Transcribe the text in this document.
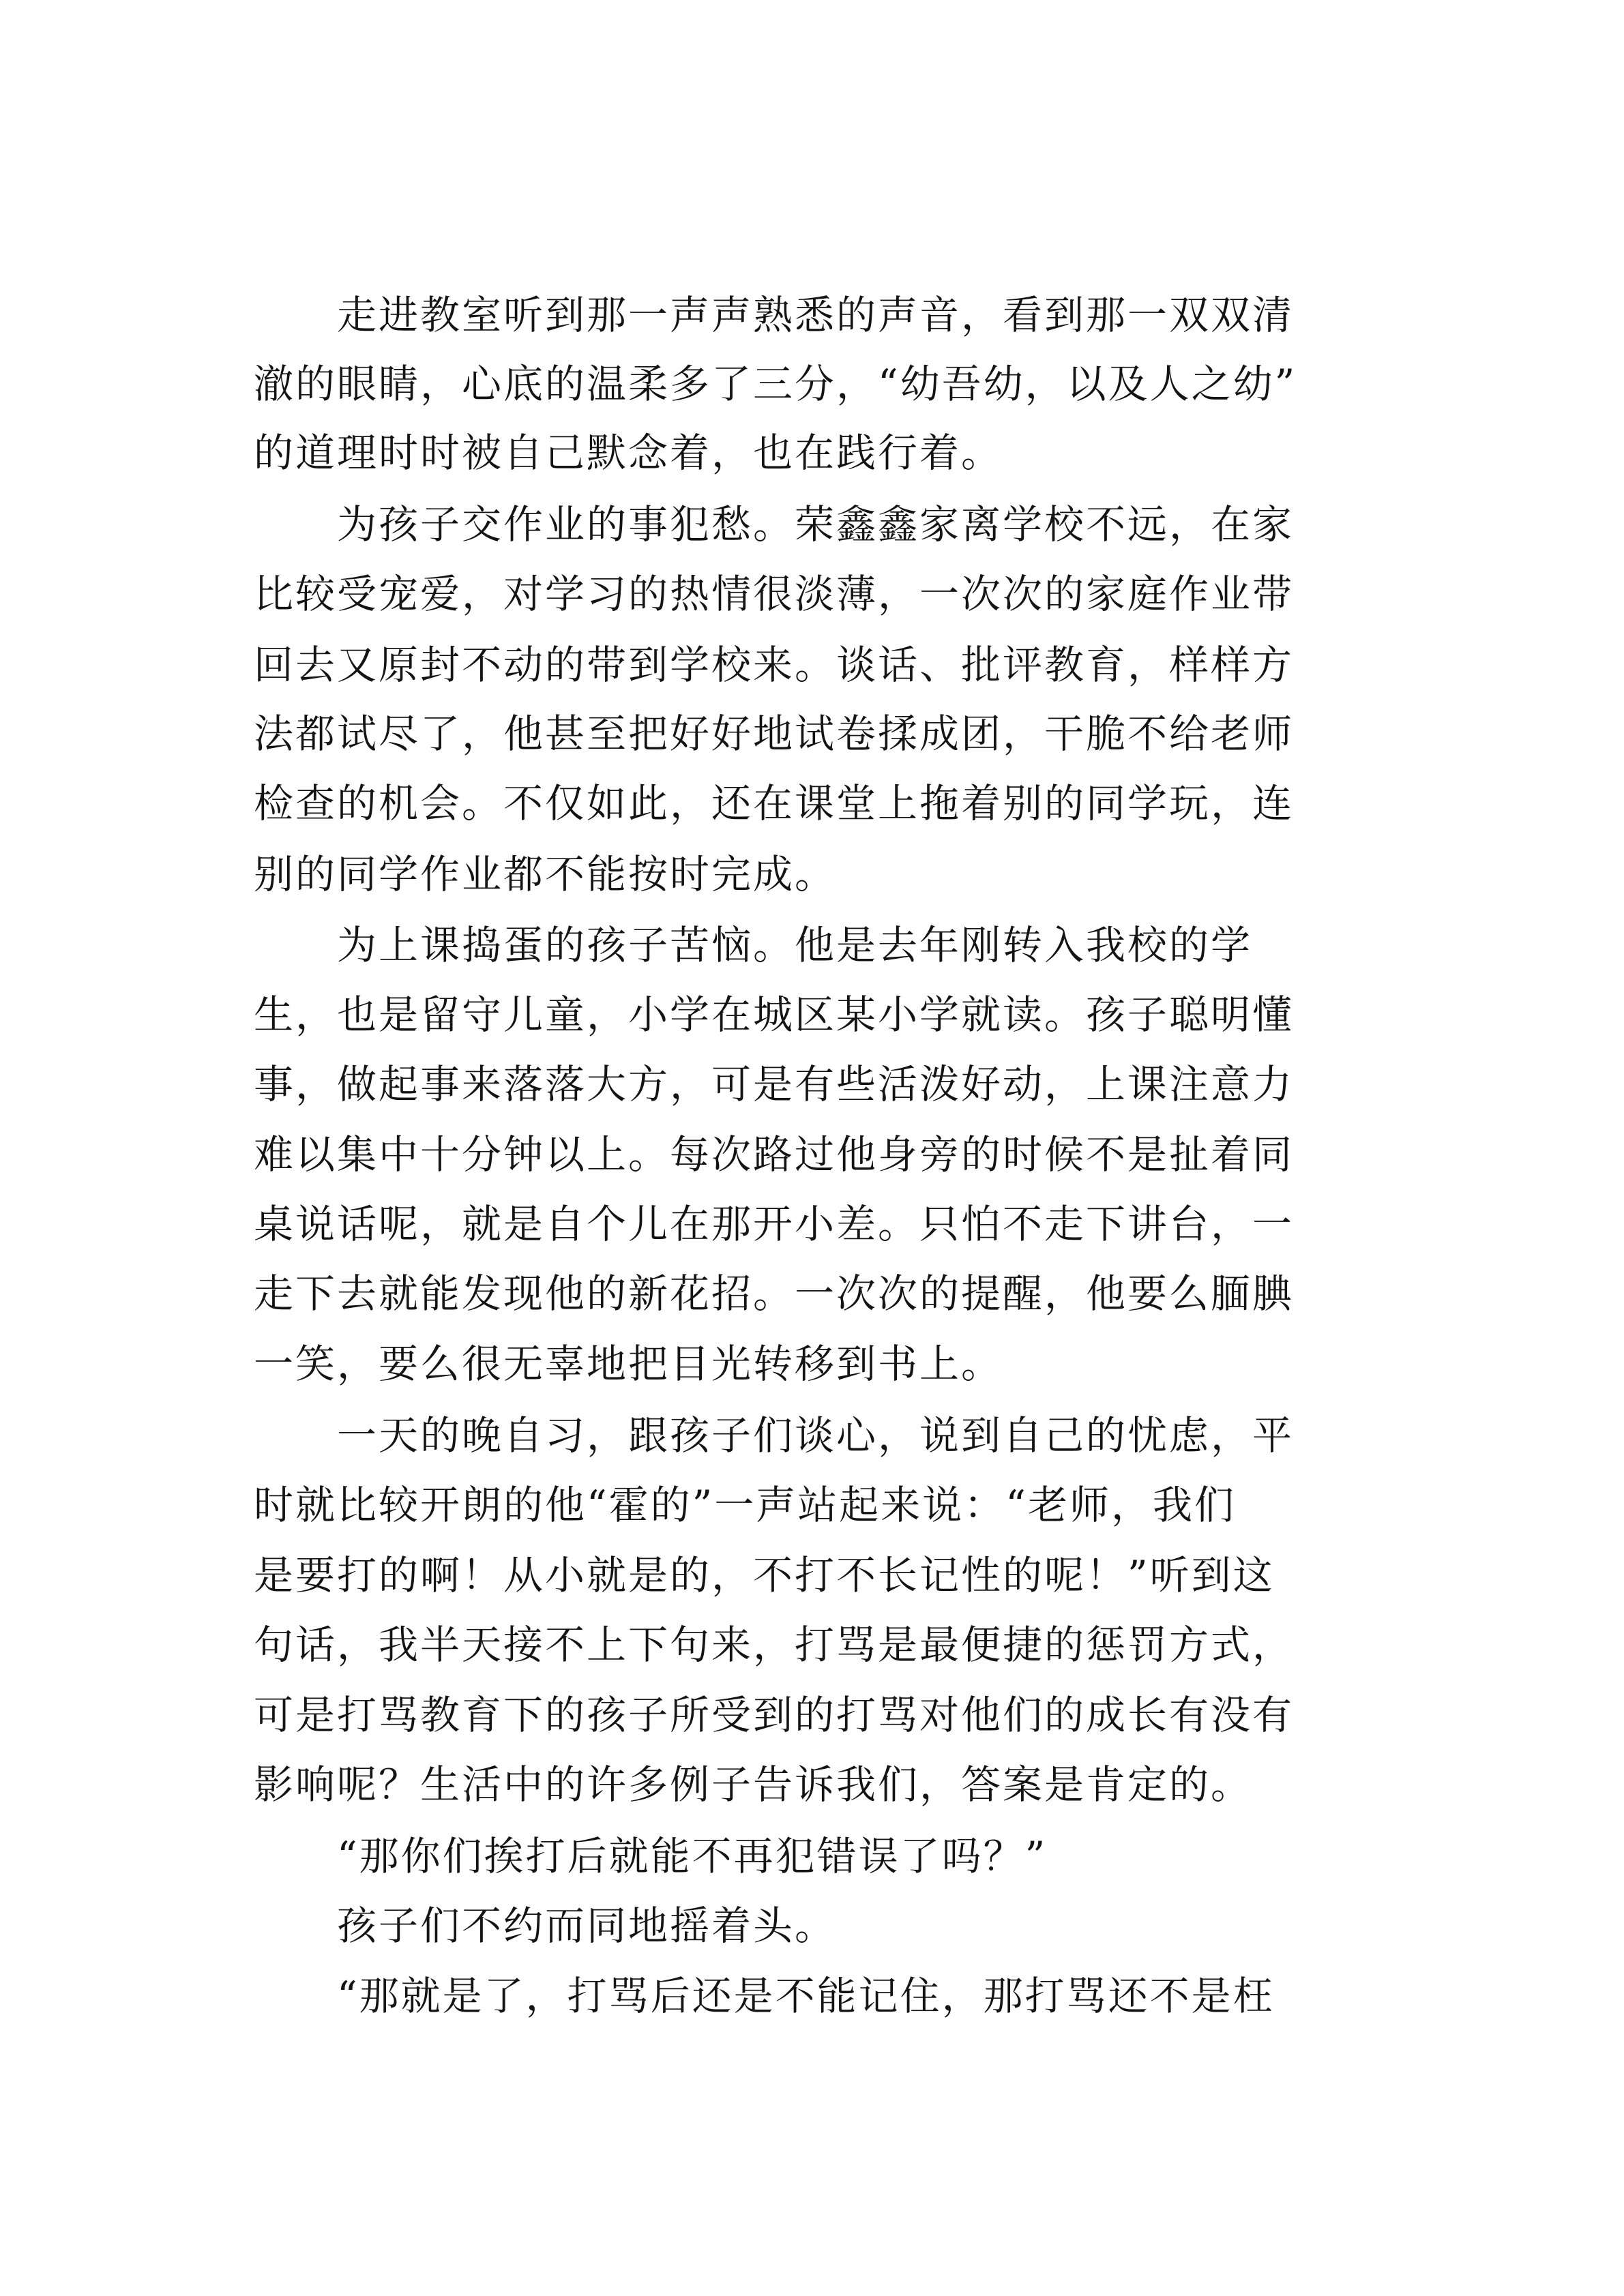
　　走进教室听到那一声声熟悉的声音，看到那一双双清
澈的眼睛，心底的温柔多了三分，“幼吾幼，以及人之幼”
的道理时时被自己默念着，也在践行着。
　　为孩子交作业的事犯愁。荣鑫鑫家离学校不远，在家
比较受宠爱，对学习的热情很淡薄，一次次的家庭作业带
回去又原封不动的带到学校来。谈话、批评教育，样样方
法都试尽了，他甚至把好好地试卷揉成团，干脆不给老师
检查的机会。不仅如此，还在课堂上拖着别的同学玩，连
别的同学作业都不能按时完成。
　　为上课捣蛋的孩子苦恼。他是去年刚转入我校的学
生，也是留守儿童，小学在城区某小学就读。孩子聪明懂
事，做起事来落落大方，可是有些活泼好动，上课注意力
难以集中十分钟以上。每次路过他身旁的时候不是扯着同
桌说话呢，就是自个儿在那开小差。只怕不走下讲台，一
走下去就能发现他的新花招。一次次的提醒，他要么腼腆
一笑，要么很无辜地把目光转移到书上。
　　一天的晚自习，跟孩子们谈心，说到自己的忧虑，平
时就比较开朗的他“霍的”一声站起来说：“老师，我们
是要打的啊！从小就是的，不打不长记性的呢！”听到这
句话，我半天接不上下句来，打骂是最便捷的惩罚方式，
可是打骂教育下的孩子所受到的打骂对他们的成长有没有
影响呢？生活中的许多例子告诉我们，答案是肯定的。
　　“那你们挨打后就能不再犯错误了吗？”
　　孩子们不约而同地摇着头。
　　“那就是了，打骂后还是不能记住，那打骂还不是枉
